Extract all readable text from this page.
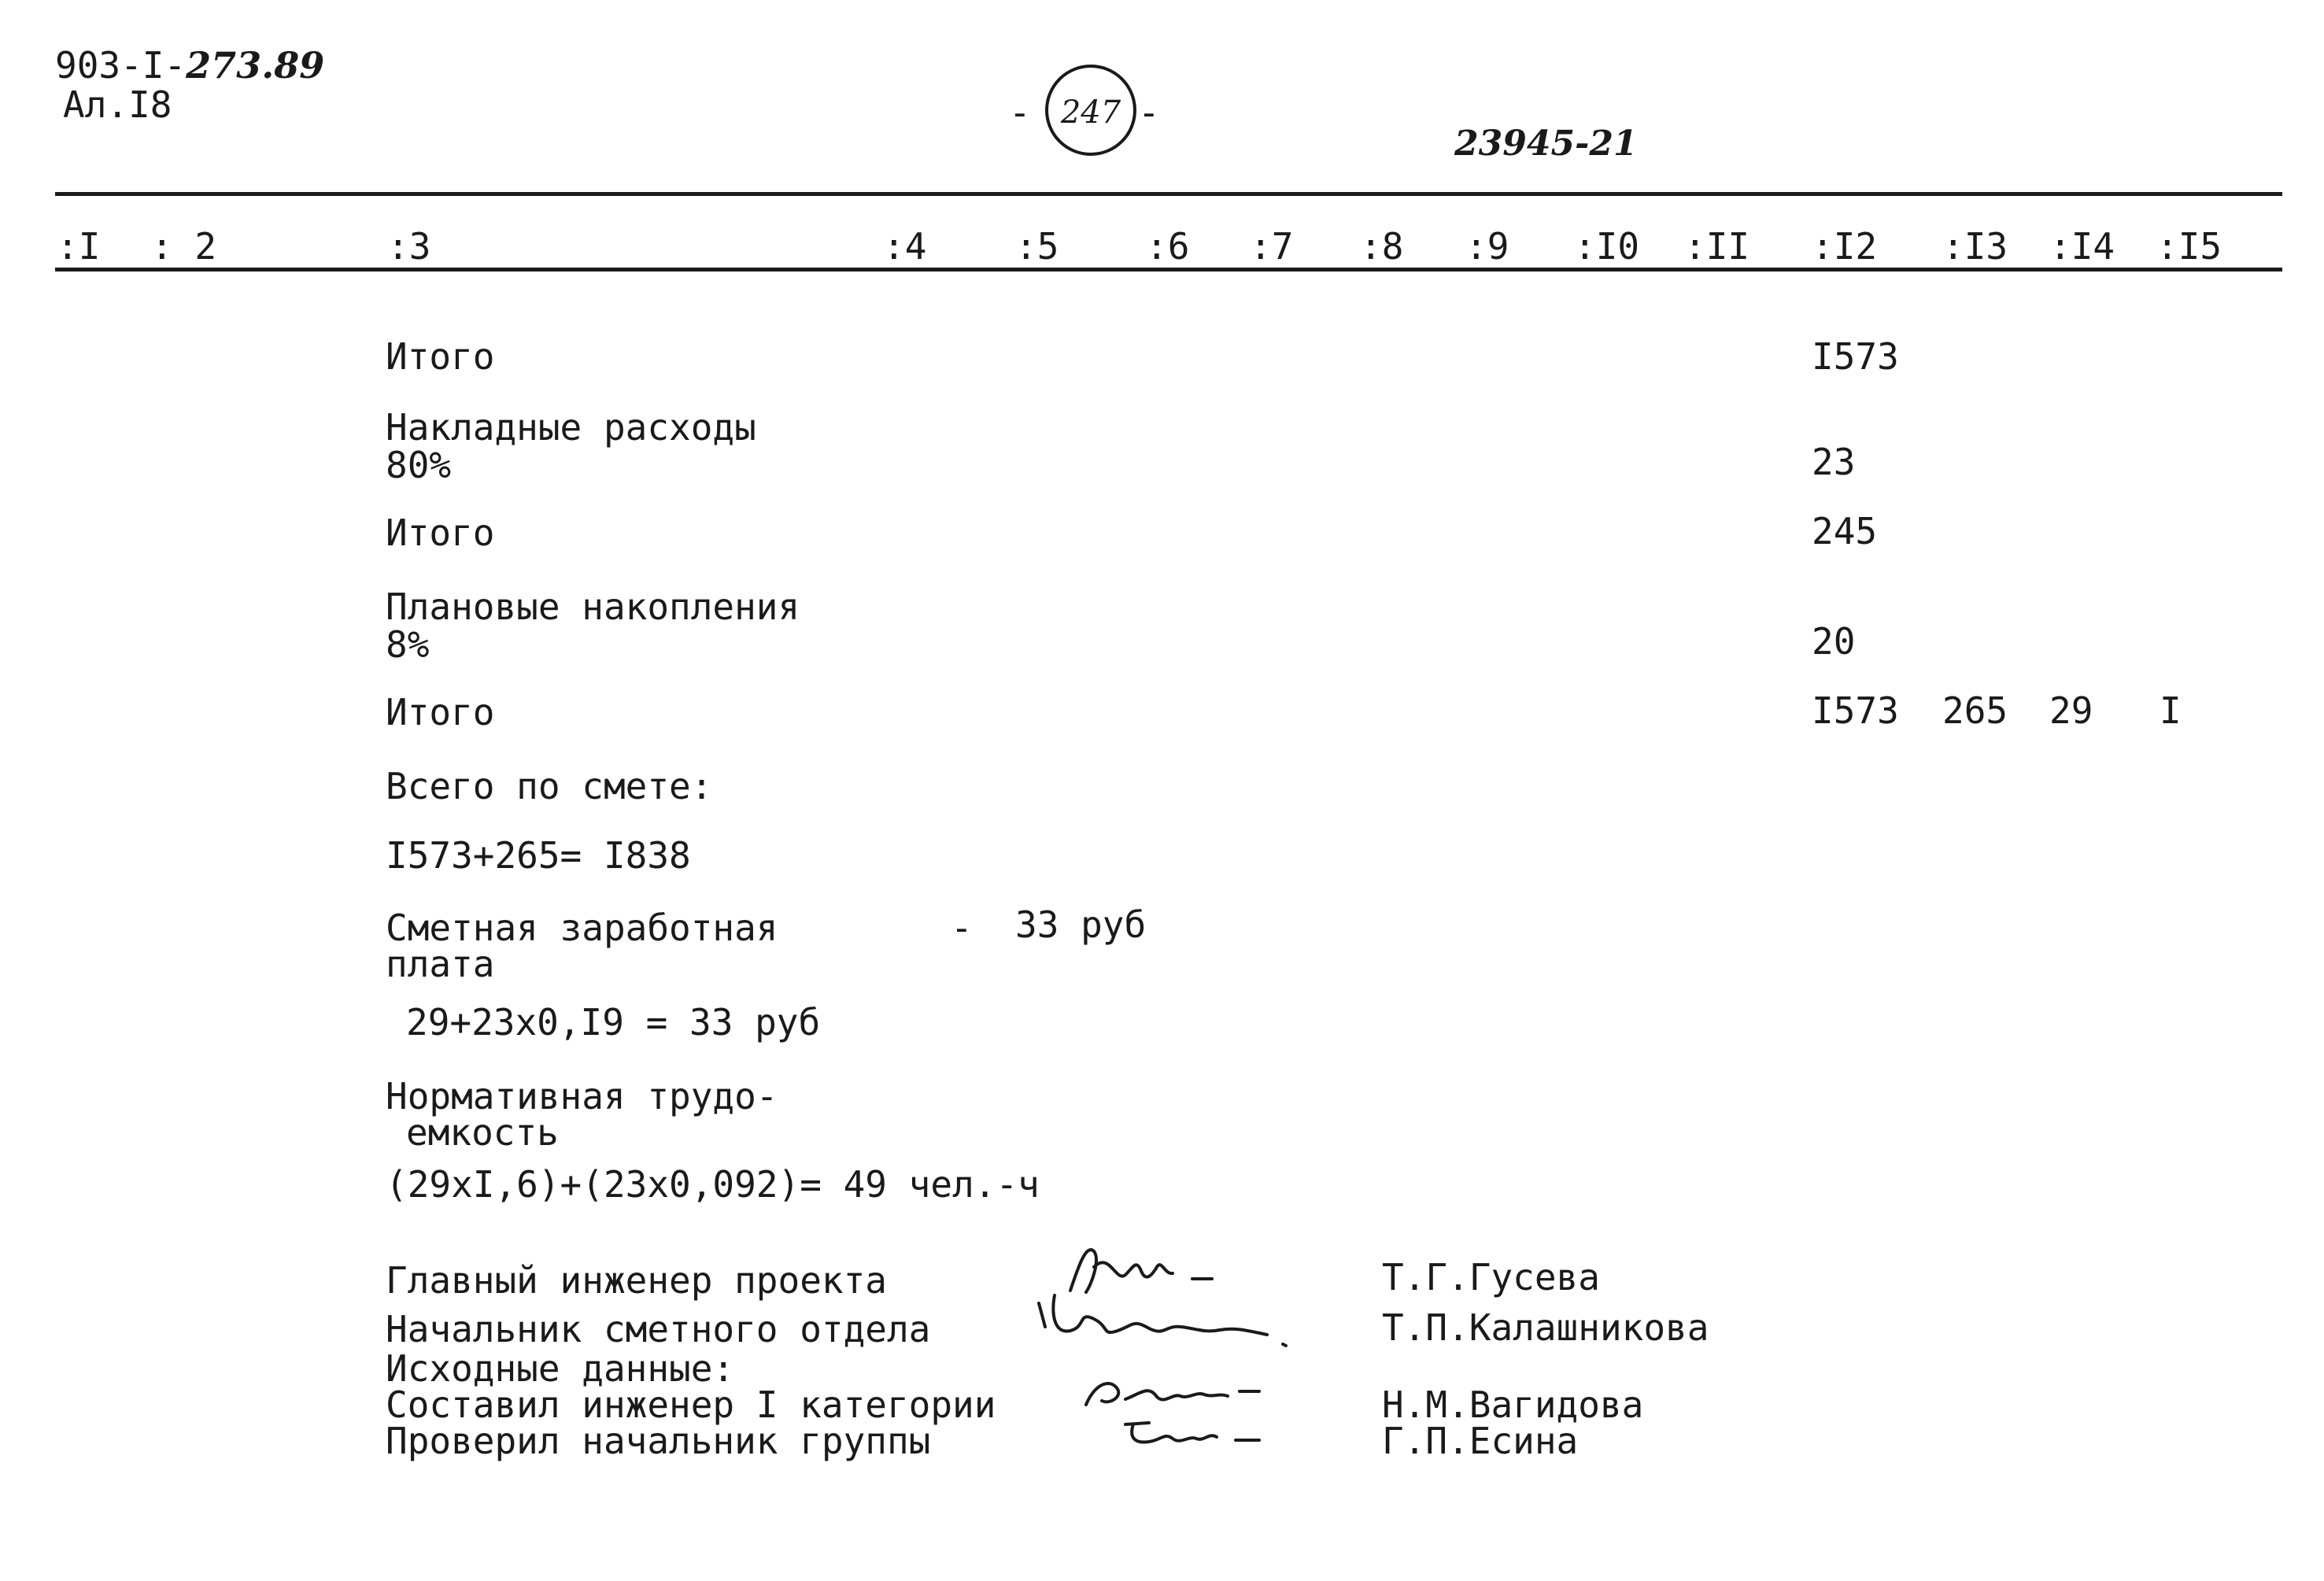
903-I-273.89
Ал.I8	- 247 -
23945-21
:I : 2	:3	:4 :5 :6 :7 :8 :9 :I0 :II :I2 :I3 :I4 :I5
Итого	I573
Накладные расходы
80%	23
Итого	245
Плановые накопления
8%	20
Итого	I573 265 29 I
Всего по смете:
I573+265= I838
Сметная заработная
плата
- 33 руб
29+23х0,I9 = 33 руб
Нормативная трудо-
емкость
(29хI,6)+(23х0,092)= 49 чел.-ч
Главный инженер проекта	Т.Г.Гусева
Начальник сметного отдела	Т.П.Калашникова
Исходные данные:
Составил инженер I категории	Н.М.Вагидова
Проверил начальник группы	Г.П.Есина
